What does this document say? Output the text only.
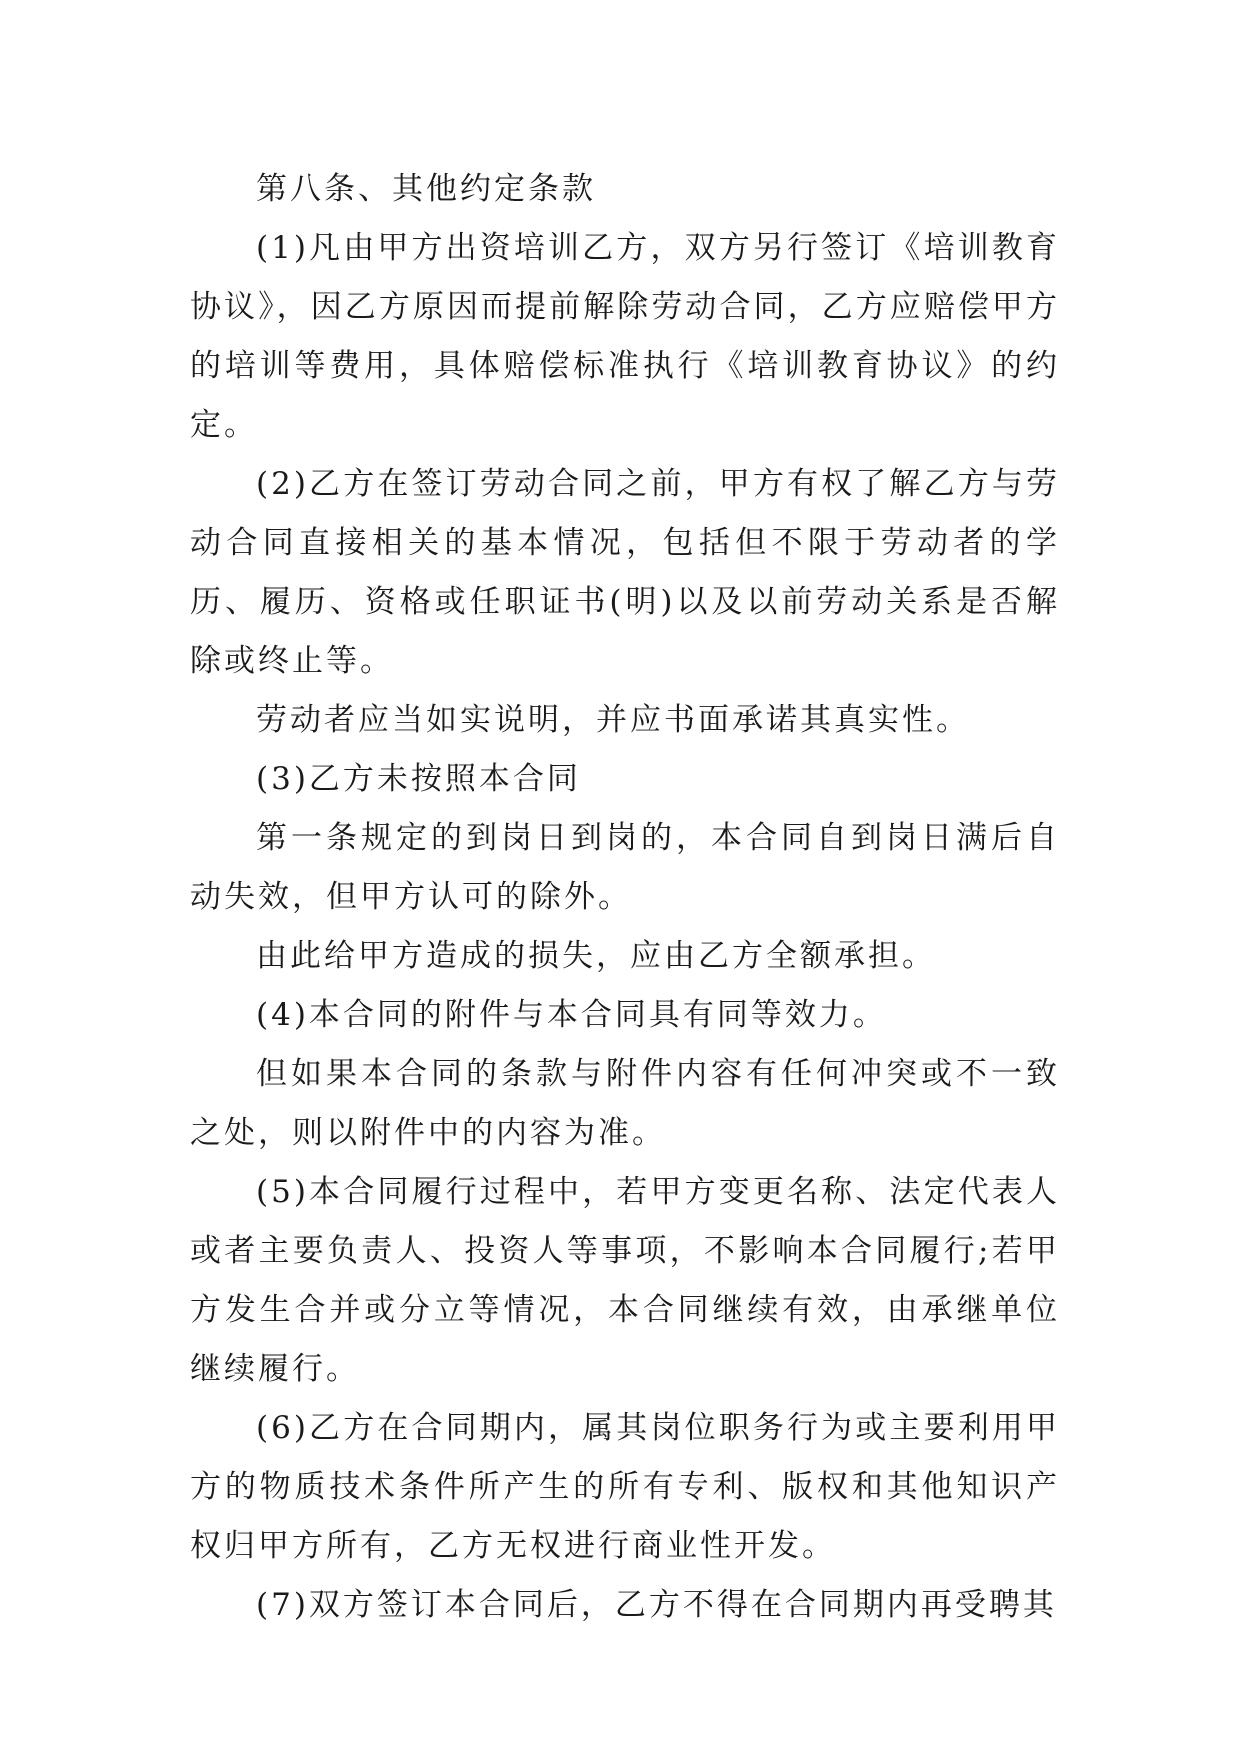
第八条、其他约定条款

(1)凡由甲方出资培训乙方，双方另行签订《培训教育协议》，因乙方原因而提前解除劳动合同，乙方应赔偿甲方的培训等费用，具体赔偿标准执行《培训教育协议》的约定。

(2)乙方在签订劳动合同之前，甲方有权了解乙方与劳动合同直接相关的基本情况，包括但不限于劳动者的学历、履历、资格或任职证书(明)以及以前劳动关系是否解除或终止等。

劳动者应当如实说明，并应书面承诺其真实性。

(3)乙方未按照本合同

第一条规定的到岗日到岗的，本合同自到岗日满后自动失效，但甲方认可的除外。

由此给甲方造成的损失，应由乙方全额承担。

(4)本合同的附件与本合同具有同等效力。

但如果本合同的条款与附件内容有任何冲突或不一致之处，则以附件中的内容为准。

(5)本合同履行过程中，若甲方变更名称、法定代表人或者主要负责人、投资人等事项，不影响本合同履行;若甲方发生合并或分立等情况，本合同继续有效，由承继单位继续履行。

(6)乙方在合同期内，属其岗位职务行为或主要利用甲方的物质技术条件所产生的所有专利、版权和其他知识产权归甲方所有，乙方无权进行商业性开发。

(7)双方签订本合同后，乙方不得在合同期内再受聘其
